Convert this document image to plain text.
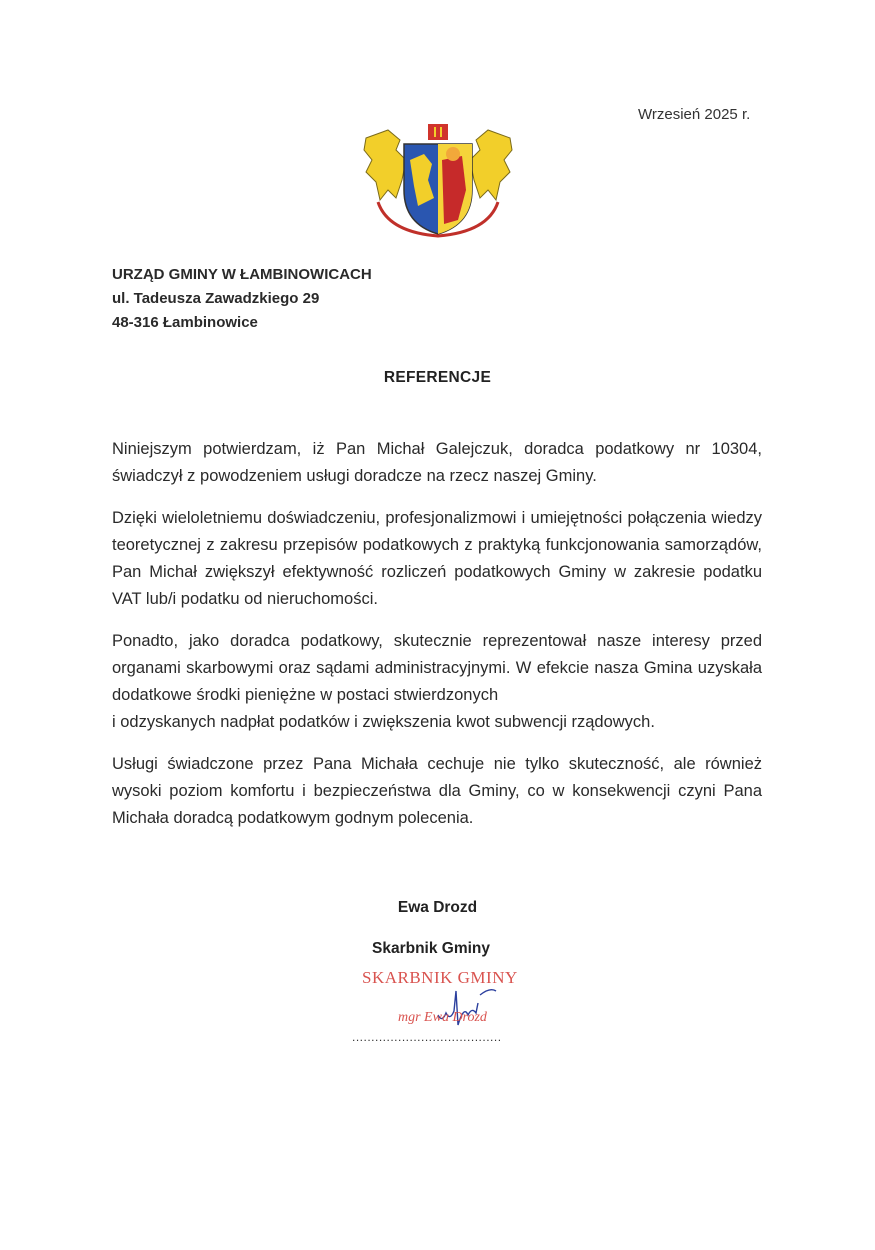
Wrzesień 2025 r.
URZĄD GMINY W ŁAMBINOWICACH
ul. Tadeusza Zawadzkiego 29
48-316 Łambinowice
REFERENCJE

Niniejszym potwierdzam, iż Pan Michał Galejczuk, doradca podatkowy nr 10304, świadczył z powodzeniem usługi doradcze na rzecz naszej Gminy.

Dzięki wieloletniemu doświadczeniu, profesjonalizmowi i umiejętności połączenia wiedzy teoretycznej z zakresu przepisów podatkowych z praktyką funkcjonowania samorządów, Pan Michał zwiększył efektywność rozliczeń podatkowych Gminy w zakresie podatku VAT lub/i podatku od nieruchomości.

Ponadto, jako doradca podatkowy, skutecznie reprezentował nasze interesy przed organami skarbowymi oraz sądami administracyjnymi. W efekcie nasza Gmina uzyskała dodatkowe środki pieniężne w postaci stwierdzonych
i odzyskanych nadpłat podatków i zwiększenia kwot subwencji rządowych.

Usługi świadczone przez Pana Michała cechuje nie tylko skuteczność, ale również wysoki poziom komfortu i bezpieczeństwa dla Gminy, co w konsekwencji czyni Pana Michała doradcą podatkowym godnym polecenia.

Ewa Drozd
Skarbnik Gminy
SKARBNIK GMINY
mgr Ewa Drozd
.......................................
